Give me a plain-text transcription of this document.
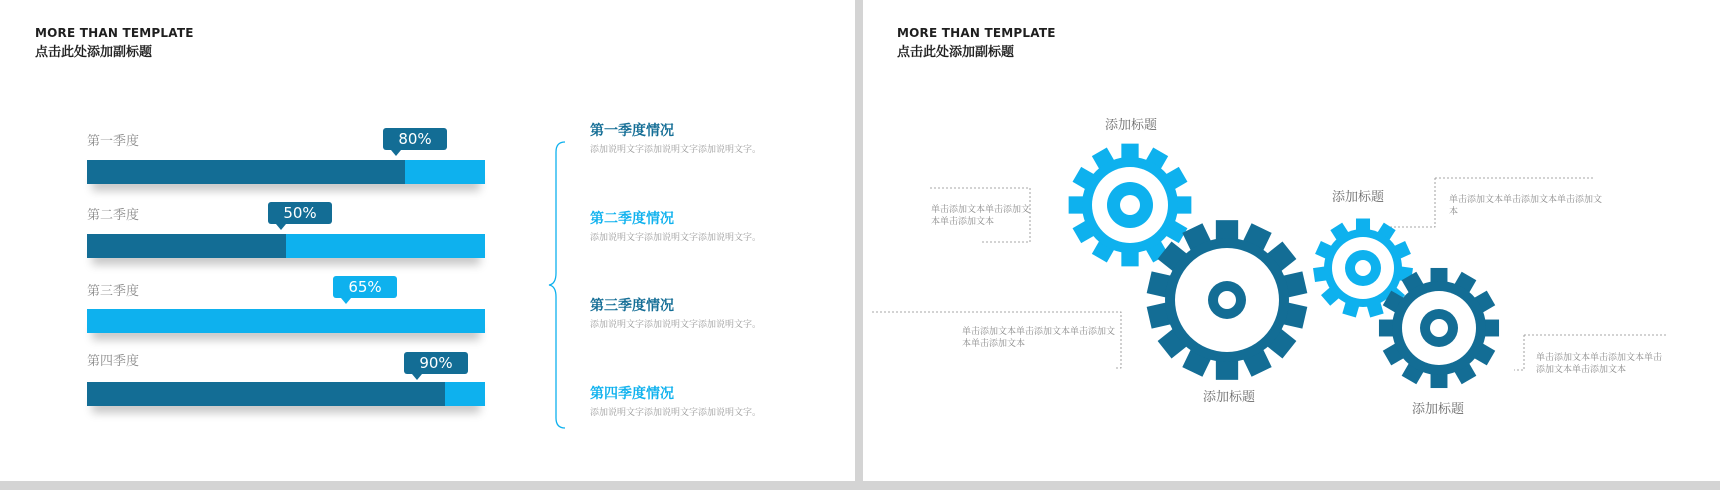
MORE THAN TEMPLATE
点击此处添加副标题
第一季度	80%
第二季度	50%
第三季度	65%
第四季度	90%
第一季度情况
添加说明文字添加说明文字添加说明文字。
第二季度情况
添加说明文字添加说明文字添加说明文字。
第三季度情况
添加说明文字添加说明文字添加说明文字。
第四季度情况
添加说明文字添加说明文字添加说明文字。
MORE THAN TEMPLATE
点击此处添加副标题
添加标题
单击添加文本单击添加文本单击添加文本
添加标题	单击添加文本单击添加文本单击添加文本
添加标题
单击添加文本单击添加文本单击添加文本单击添加文本
添加标题
单击添加文本单击添加文本单击添加文本单击添加文本
